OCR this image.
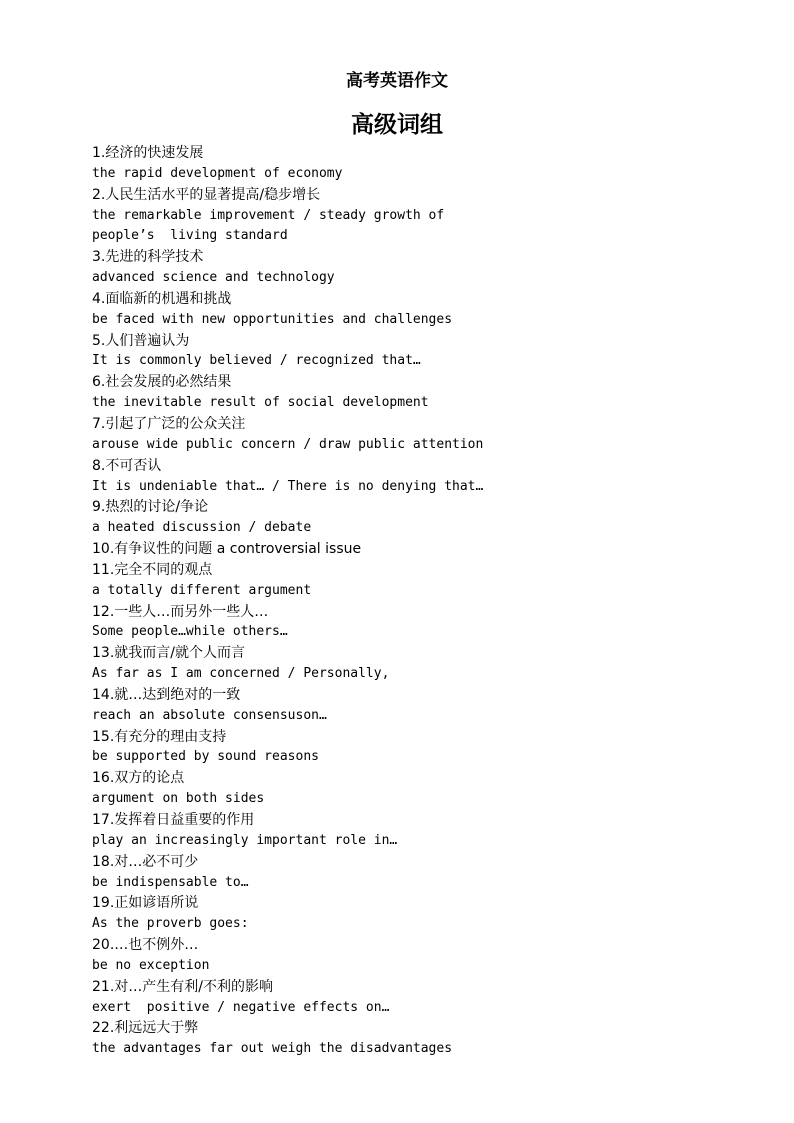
高考英语作文
高级词组
1.经济的快速发展
the rapid development of economy
2.人民生活水平的显著提高/稳步增长
the remarkable improvement / steady growth of
people’s  living standard
3.先进的科学技术
advanced science and technology
4.面临新的机遇和挑战
be faced with new opportunities and challenges
5.人们普遍认为
It is commonly believed / recognized that…
6.社会发展的必然结果
the inevitable result of social development
7.引起了广泛的公众关注
arouse wide public concern / draw public attention
8.不可否认
It is undeniable that… / There is no denying that…
9.热烈的讨论/争论
a heated discussion / debate
10.有争议性的问题 a controversial issue
11.完全不同的观点
a totally different argument
12.一些人…而另外一些人…
Some people…while others…
13.就我而言/就个人而言
As far as I am concerned / Personally,
14.就…达到绝对的一致
reach an absolute consensuson…
15.有充分的理由支持
be supported by sound reasons
16.双方的论点
argument on both sides
17.发挥着日益重要的作用
play an increasingly important role in…
18.对…必不可少
be indispensable to…
19.正如谚语所说
As the proverb goes:
20.…也不例外…
be no exception
21.对…产生有利/不利的影响
exert  positive / negative effects on…
22.利远远大于弊
the advantages far out weigh the disadvantages
